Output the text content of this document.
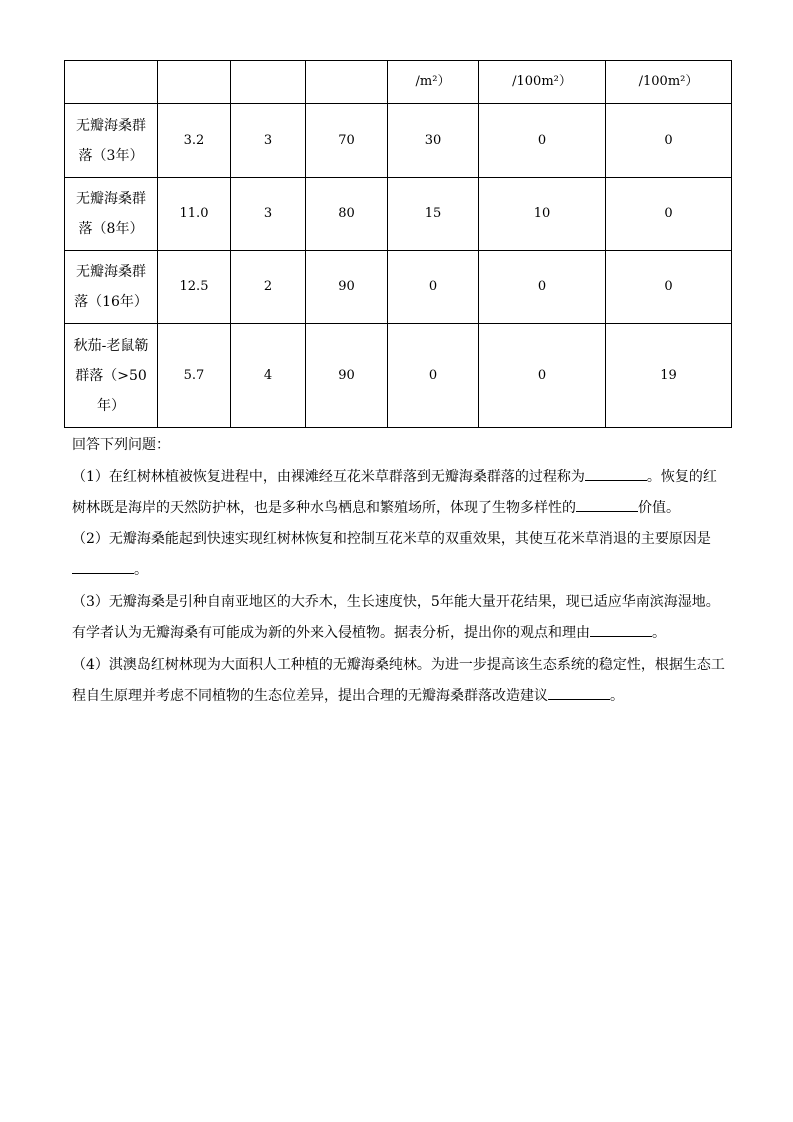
				/m²）	/100m²）	/100m²）
无瓣海桑群
落（3年）	3.2	3	70	30	0	0
无瓣海桑群
落（8年）	11.0	3	80	15	10	0
无瓣海桑群
落（16年）	12.5	2	90	0	0	0
秋茄-老鼠簕
群落（>50
年）	5.7	4	90	0	0	19
回答下列问题：
（1）在红树林植被恢复进程中，由裸滩经互花米草群落到无瓣海桑群落的过程称为	。恢复的红
树林既是海岸的天然防护林，也是多种水鸟栖息和繁殖场所，体现了生物多样性的	价值。
（2）无瓣海桑能起到快速实现红树林恢复和控制互花米草的双重效果，其使互花米草消退的主要原因是
。
（3）无瓣海桑是引种自南亚地区的大乔木，生长速度快，5年能大量开花结果，现已适应华南滨海湿地。
有学者认为无瓣海桑有可能成为新的外来入侵植物。据表分析，提出你的观点和理由	。
（4）淇澳岛红树林现为大面积人工种植的无瓣海桑纯林。为进一步提高该生态系统的稳定性，根据生态工
程自生原理并考虑不同植物的生态位差异，提出合理的无瓣海桑群落改造建议	。
